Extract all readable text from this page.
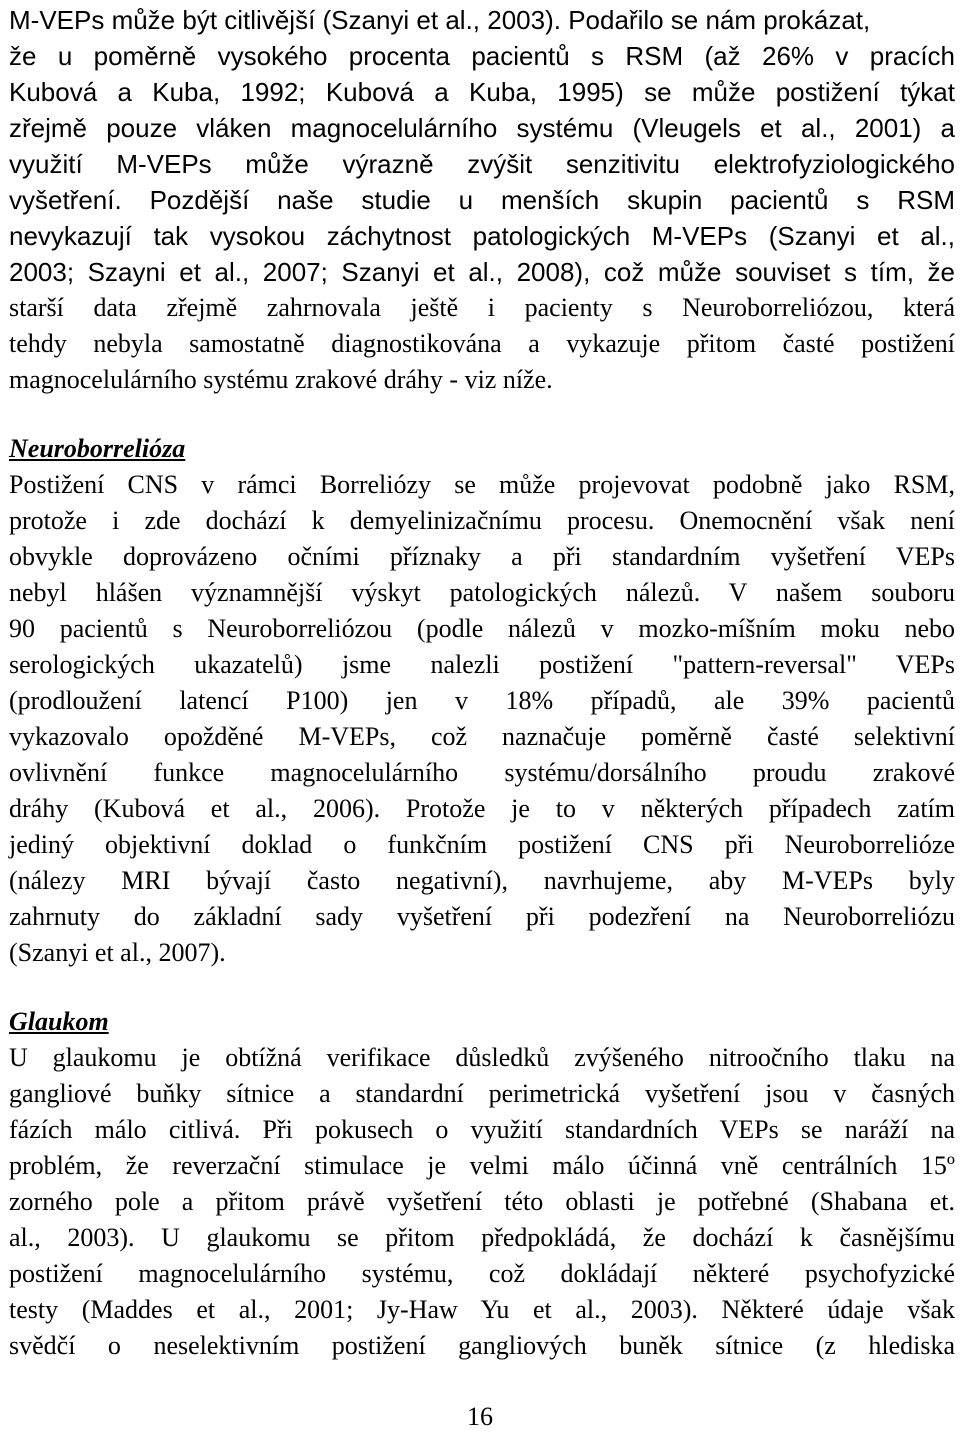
M-VEPs může být citlivější (Szanyi et al., 2003). Podařilo se nám prokázat,
že u poměrně vysokého procenta pacientů s RSM (až 26% v pracích
Kubová a Kuba, 1992; Kubová a Kuba, 1995) se může postižení týkat
zřejmě pouze vláken magnocelulárního systému (Vleugels et al., 2001) a
využití M-VEPs může výrazně zvýšit senzitivitu elektrofyziologického
vyšetření. Pozdější naše studie u menších skupin pacientů s RSM
nevykazují tak vysokou záchytnost patologických M-VEPs (Szanyi et al.,
2003; Szayni et al., 2007; Szanyi et al., 2008), což může souviset s tím, že
starší data zřejmě zahrnovala ještě i pacienty s Neuroborreliózou, která
tehdy nebyla samostatně diagnostikována a vykazuje přitom časté postižení
magnocelulárního systému zrakové dráhy - viz níže.
Neuroborrelióza
Postižení CNS v rámci Borreliózy se může projevovat podobně jako RSM,
protože i zde dochází k demyelinizačnímu procesu. Onemocnění však není
obvykle doprovázeno očními příznaky a při standardním vyšetření VEPs
nebyl hlášen významnější výskyt patologických nálezů. V našem souboru
90 pacientů s Neuroborreliózou (podle nálezů v mozko-míšním moku nebo
serologických ukazatelů) jsme nalezli postižení "pattern-reversal" VEPs
(prodloužení latencí P100) jen v 18% případů, ale 39% pacientů
vykazovalo opožděné M-VEPs, což naznačuje poměrně časté selektivní
ovlivnění funkce magnocelulárního systému/dorsálního proudu zrakové
dráhy (Kubová et al., 2006). Protože je to v některých případech zatím
jediný objektivní doklad o funkčním postižení CNS při Neuroborrelióze
(nálezy MRI bývají často negativní), navrhujeme, aby M-VEPs byly
zahrnuty do základní sady vyšetření při podezření na Neuroborreliózu
(Szanyi et al., 2007).
Glaukom
U glaukomu je obtížná verifikace důsledků zvýšeného nitroočního tlaku na
gangliové buňky sítnice a standardní perimetrická vyšetření jsou v časných
fázích málo citlivá. Při pokusech o využití standardních VEPs se naráží na
problém, že reverzační stimulace je velmi málo účinná vně centrálních 15º
zorného pole a přitom právě vyšetření této oblasti je potřebné (Shabana et.
al., 2003). U glaukomu se přitom předpokládá, že dochází k časnějšímu
postižení magnocelulárního systému, což dokládají některé psychofyzické
testy (Maddes et al., 2001; Jy-Haw Yu et al., 2003). Některé údaje však
svědčí o neselektivním postižení gangliových buněk sítnice (z hlediska
16
